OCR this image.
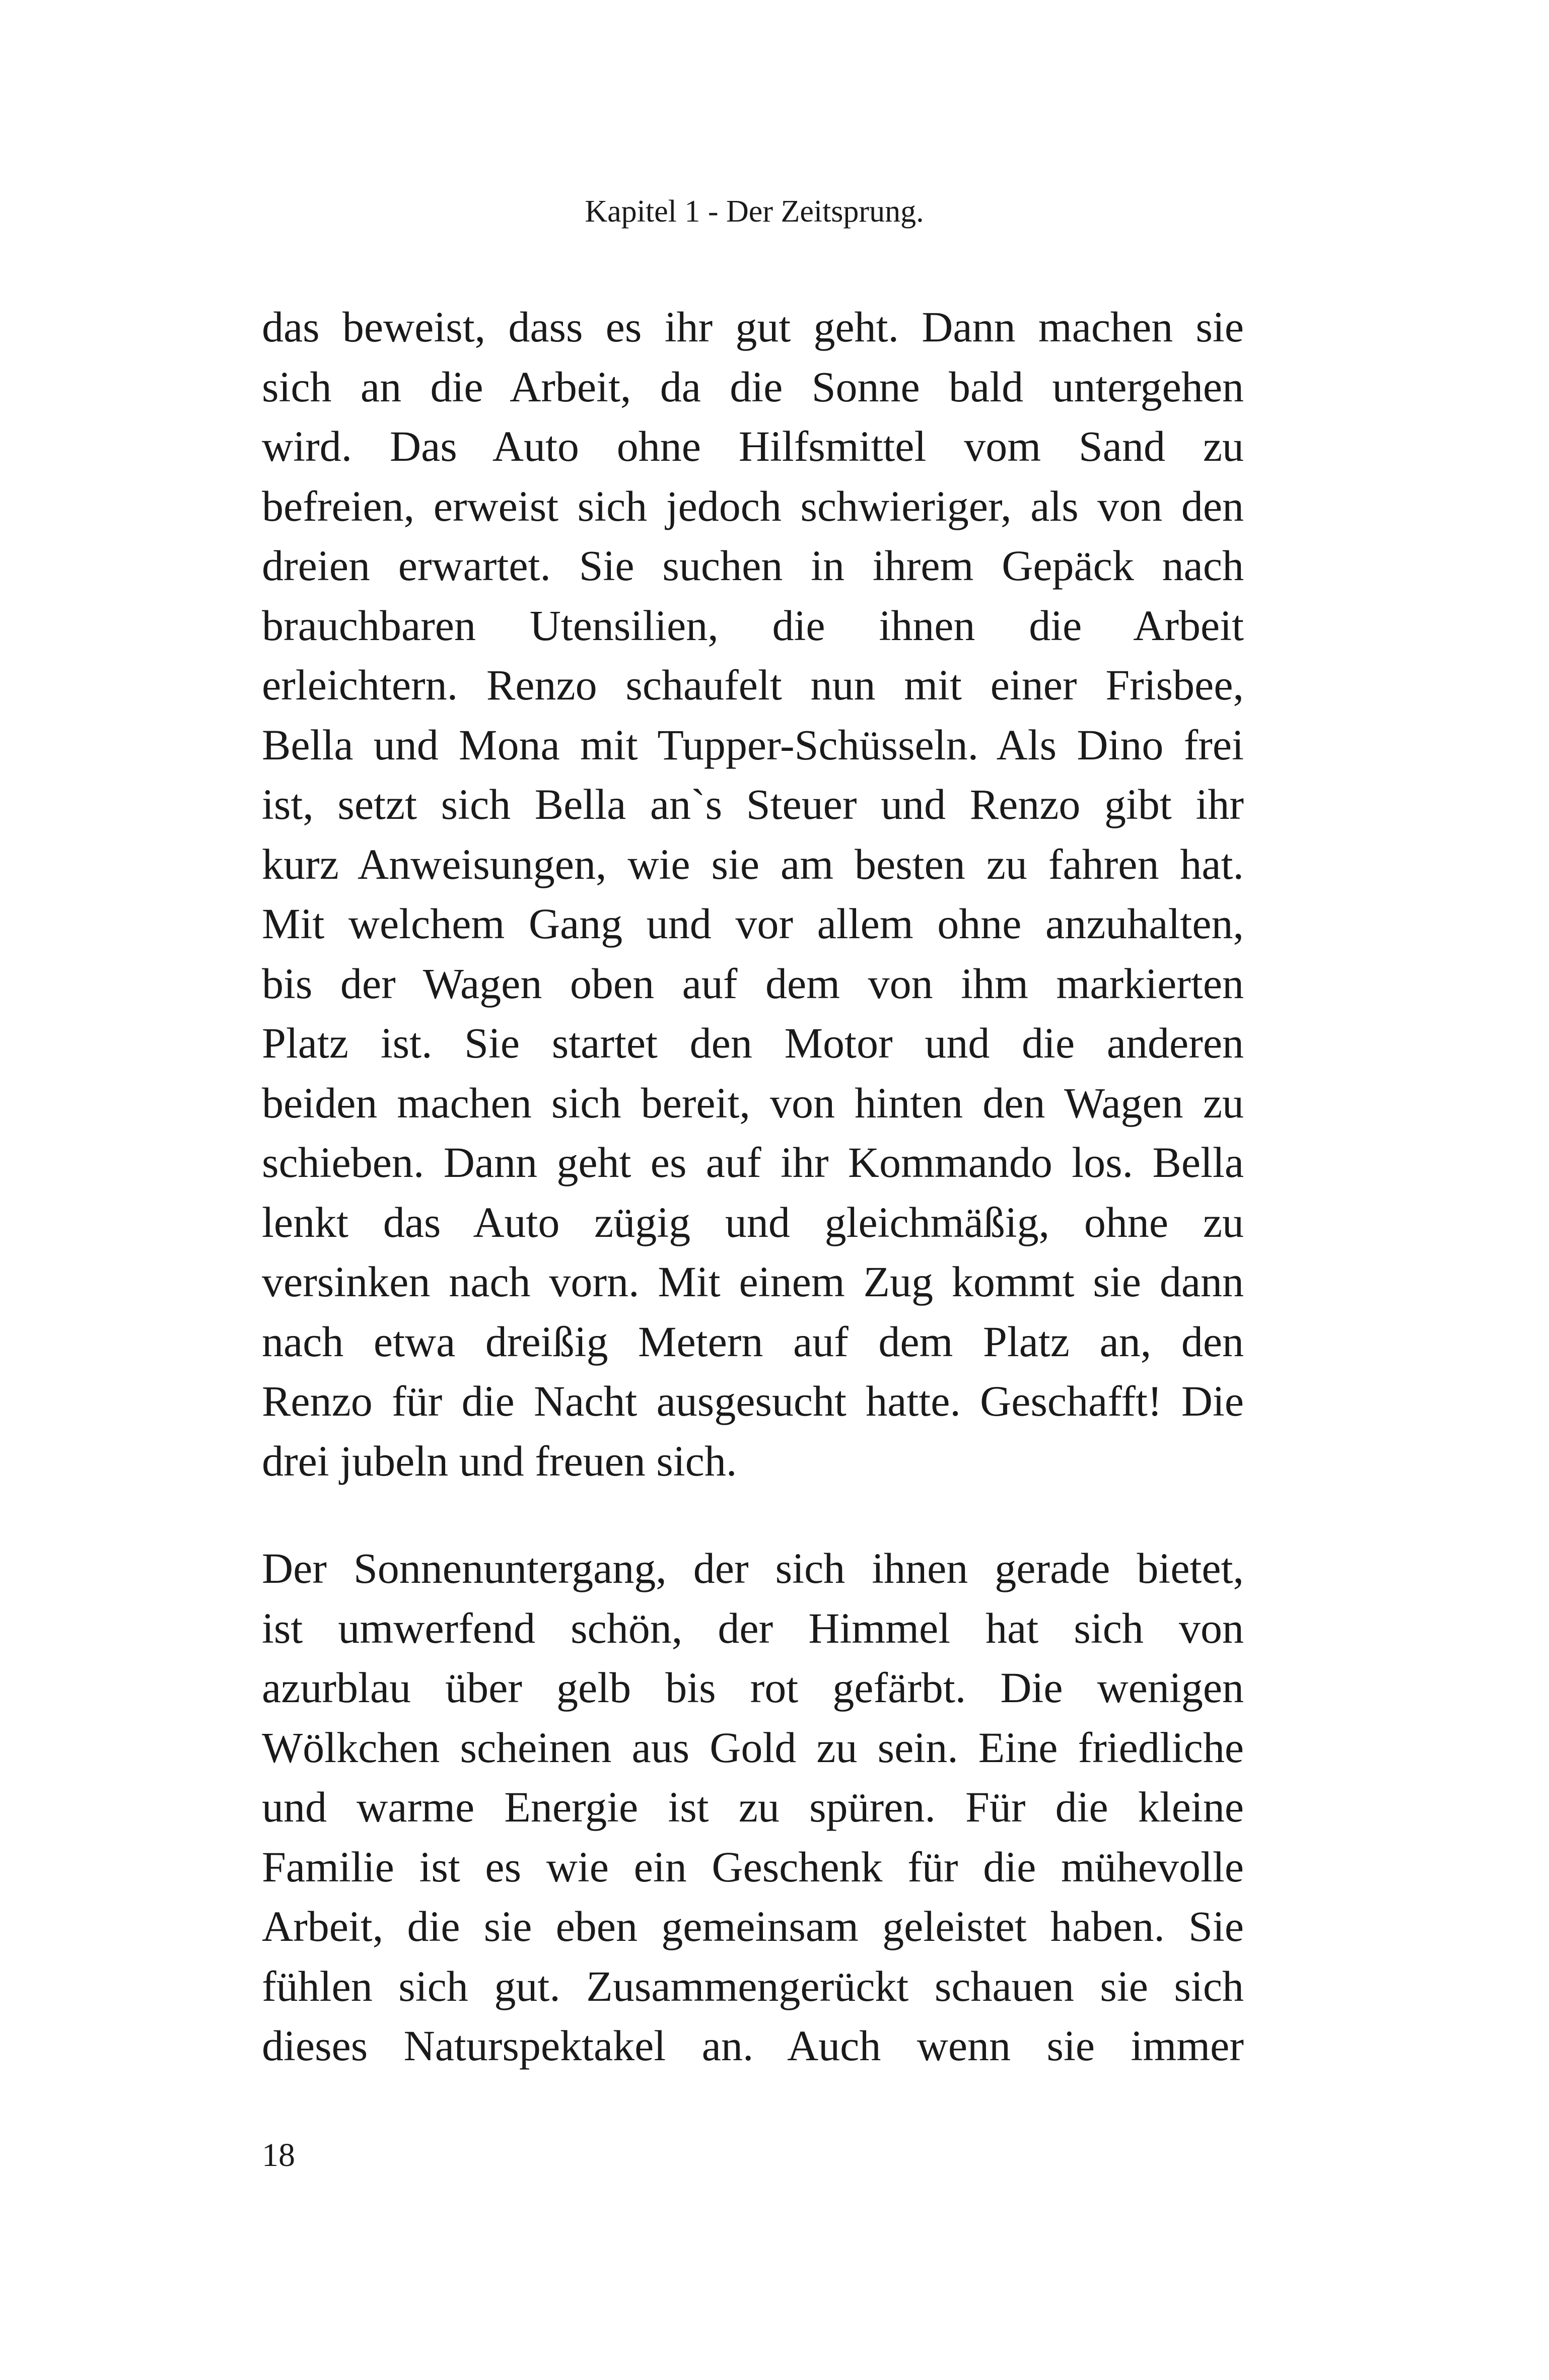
Kapitel 1 - Der Zeitsprung.
das beweist, dass es ihr gut geht. Dann machen sie
sich an die Arbeit, da die Sonne bald untergehen
wird. Das Auto ohne Hilfsmittel vom Sand zu
befreien, erweist sich jedoch schwieriger, als von den
dreien erwartet. Sie suchen in ihrem Gepäck nach
brauchbaren Utensilien, die ihnen die Arbeit
erleichtern. Renzo schaufelt nun mit einer Frisbee,
Bella und Mona mit Tupper-Schüsseln. Als Dino frei
ist, setzt sich Bella an`s Steuer und Renzo gibt ihr
kurz Anweisungen, wie sie am besten zu fahren hat.
Mit welchem Gang und vor allem ohne anzuhalten,
bis der Wagen oben auf dem von ihm markierten
Platz ist. Sie startet den Motor und die anderen
beiden machen sich bereit, von hinten den Wagen zu
schieben. Dann geht es auf ihr Kommando los. Bella
lenkt das Auto zügig und gleichmäßig, ohne zu
versinken nach vorn. Mit einem Zug kommt sie dann
nach etwa dreißig Metern auf dem Platz an, den
Renzo für die Nacht ausgesucht hatte. Geschafft! Die
drei jubeln und freuen sich.
Der Sonnenuntergang, der sich ihnen gerade bietet,
ist umwerfend schön, der Himmel hat sich von
azurblau über gelb bis rot gefärbt. Die wenigen
Wölkchen scheinen aus Gold zu sein. Eine friedliche
und warme Energie ist zu spüren. Für die kleine
Familie ist es wie ein Geschenk für die mühevolle
Arbeit, die sie eben gemeinsam geleistet haben. Sie
fühlen sich gut. Zusammengerückt schauen sie sich
dieses Naturspektakel an. Auch wenn sie immer
18
